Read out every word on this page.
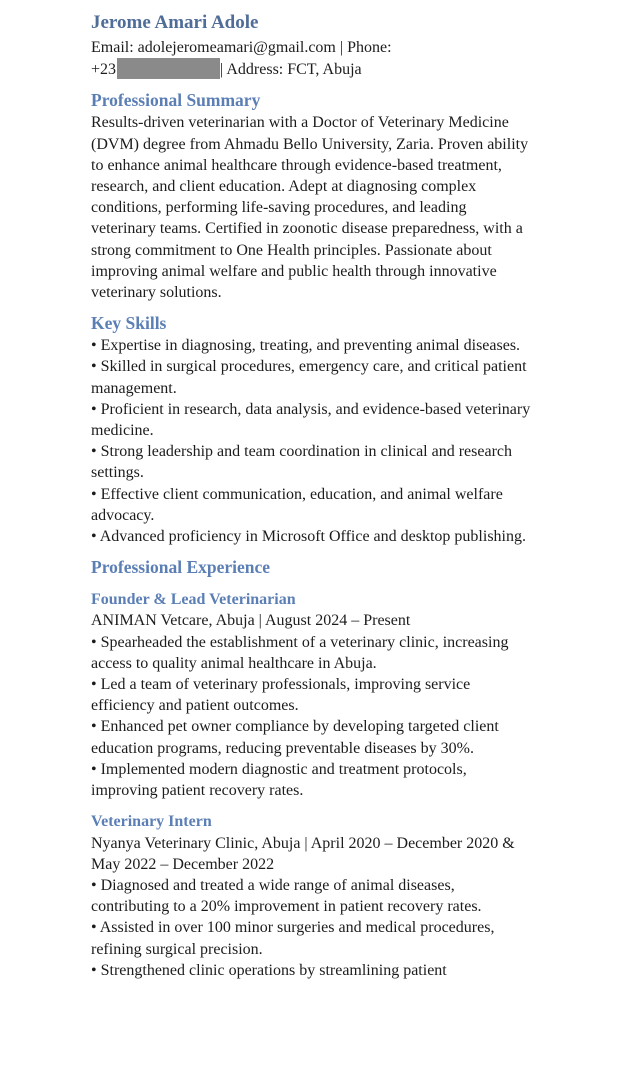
Jerome Amari Adole
Email: adolejeromeamari@gmail.com | Phone:
+23	| Address: FCT, Abuja
Professional Summary
Results-driven veterinarian with a Doctor of Veterinary Medicine (DVM) degree from Ahmadu Bello University, Zaria. Proven ability to enhance animal healthcare through evidence-based treatment, research, and client education. Adept at diagnosing complex conditions, performing life-saving procedures, and leading veterinary teams. Certified in zoonotic disease preparedness, with a strong commitment to One Health principles. Passionate about improving animal welfare and public health through innovative veterinary solutions.
Key Skills
• Expertise in diagnosing, treating, and preventing animal diseases.
• Skilled in surgical procedures, emergency care, and critical patient management.
• Proficient in research, data analysis, and evidence-based veterinary medicine.
• Strong leadership and team coordination in clinical and research settings.
• Effective client communication, education, and animal welfare advocacy.
• Advanced proficiency in Microsoft Office and desktop publishing.
Professional Experience
Founder & Lead Veterinarian
ANIMAN Vetcare, Abuja | August 2024 – Present
• Spearheaded the establishment of a veterinary clinic, increasing access to quality animal healthcare in Abuja.
• Led a team of veterinary professionals, improving service efficiency and patient outcomes.
• Enhanced pet owner compliance by developing targeted client education programs, reducing preventable diseases by 30%.
• Implemented modern diagnostic and treatment protocols, improving patient recovery rates.
Veterinary Intern
Nyanya Veterinary Clinic, Abuja | April 2020 – December 2020 & May 2022 – December 2022
• Diagnosed and treated a wide range of animal diseases, contributing to a 20% improvement in patient recovery rates.
• Assisted in over 100 minor surgeries and medical procedures, refining surgical precision.
• Strengthened clinic operations by streamlining patient
